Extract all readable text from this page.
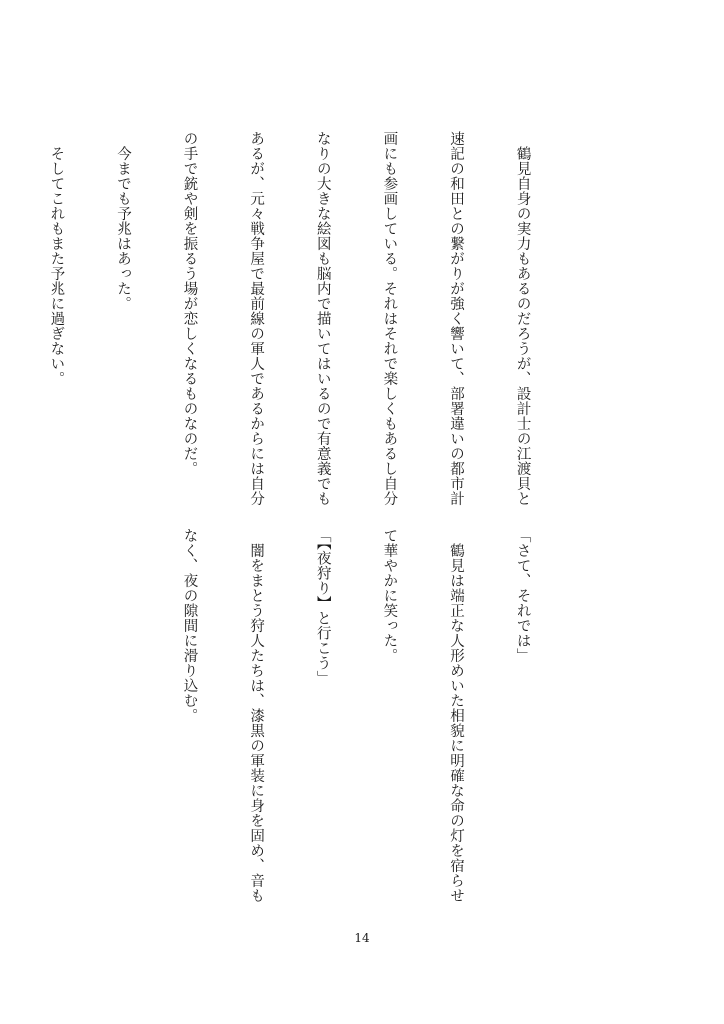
　鶴見自身の実力もあるのだろうが、設計士の江渡貝と

速記の和田との繋がりが強く響いて、部署違いの都市計

画にも参画している。それはそれで楽しくもあるし自分

なりの大きな絵図も脳内で描いてはいるので有意義でも

あるが、元々戦争屋で最前線の軍人であるからには自分

の手で銃や剣を振るう場が恋しくなるものなのだ。

　今までも予兆はあった。

　そしてこれもまた予兆に過ぎない。

「さて、それでは」

　鶴見は端正な人形めいた相貌に明確な命の灯を宿らせ

て華やかに笑った。

「【夜狩り】と行こう」

　闇をまとう狩人たちは、漆黒の軍装に身を固め、音も

なく、夜の隙間に滑り込む。

14
